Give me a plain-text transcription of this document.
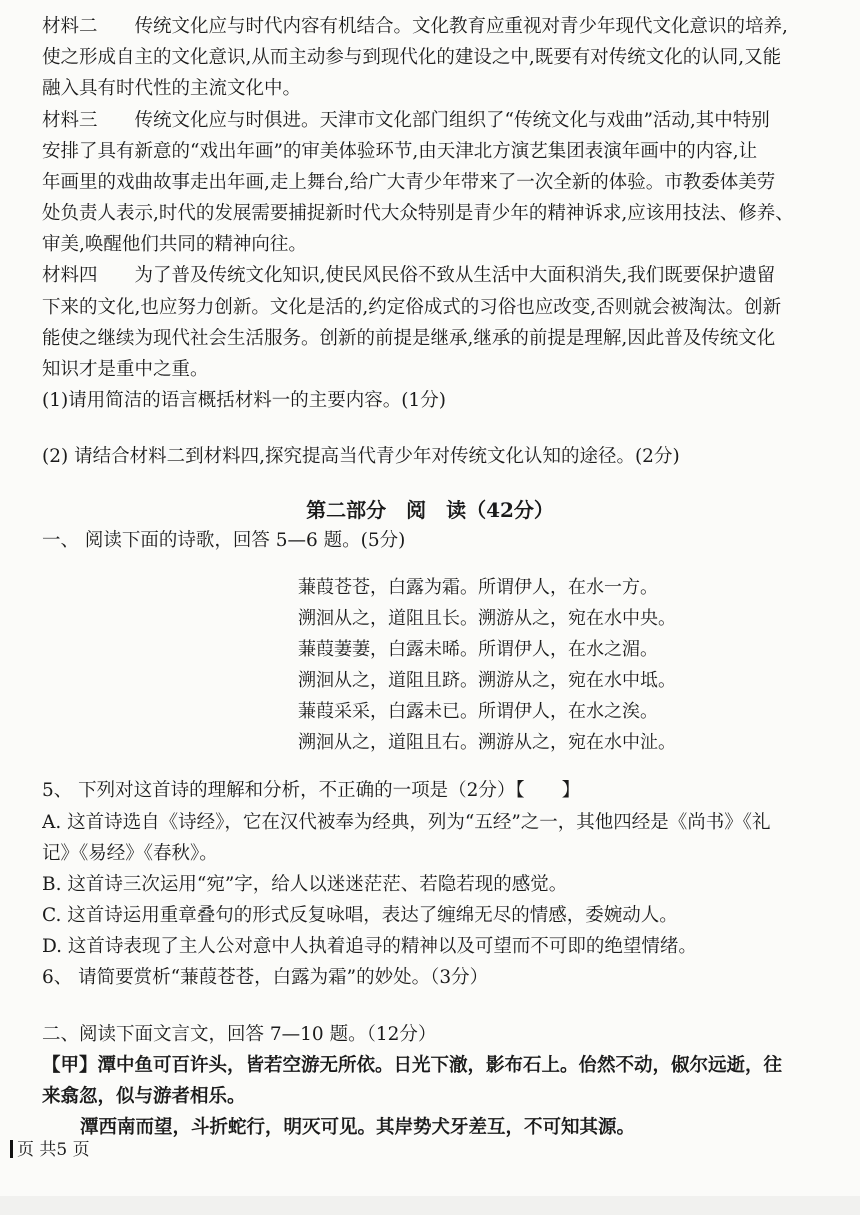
材料二　　传统文化应与时代内容有机结合。文化教育应重视对青少年现代文化意识的培养,
使之形成自主的文化意识,从而主动参与到现代化的建设之中,既要有对传统文化的认同,又能
融入具有时代性的主流文化中。
材料三　　传统文化应与时俱进。天津市文化部门组织了“传统文化与戏曲”活动,其中特别
安排了具有新意的“戏出年画”的审美体验环节,由天津北方演艺集团表演年画中的内容,让
年画里的戏曲故事走出年画,走上舞台,给广大青少年带来了一次全新的体验。市教委体美劳
处负责人表示,时代的发展需要捕捉新时代大众特别是青少年的精神诉求,应该用技法、修养、
审美,唤醒他们共同的精神向往。
材料四　　为了普及传统文化知识,使民风民俗不致从生活中大面积消失,我们既要保护遗留
下来的文化,也应努力创新。文化是活的,约定俗成式的习俗也应改变,否则就会被淘汰。创新
能使之继续为现代社会生活服务。创新的前提是继承,继承的前提是理解,因此普及传统文化
知识才是重中之重。
(1)请用简洁的语言概括材料一的主要内容。(1分)
(2) 请结合材料二到材料四,探究提高当代青少年对传统文化认知的途径。(2分)
第二部分　阅　读（42分）
一、 阅读下面的诗歌，回答 5—6 题。(5分)
蒹葭苍苍，白露为霜。所谓伊人，在水一方。
溯洄从之，道阻且长。溯游从之，宛在水中央。
蒹葭萋萋，白露未晞。所谓伊人，在水之湄。
溯洄从之，道阻且跻。溯游从之，宛在水中坻。
蒹葭采采，白露未已。所谓伊人，在水之涘。
溯洄从之，道阻且右。溯游从之，宛在水中沚。
5、 下列对这首诗的理解和分析，不正确的一项是（2分）【　　】
A. 这首诗选自《诗经》，它在汉代被奉为经典，列为“五经”之一，其他四经是《尚书》《礼
记》《易经》《春秋》。
B. 这首诗三次运用“宛”字，给人以迷迷茫茫、若隐若现的感觉。
C. 这首诗运用重章叠句的形式反复咏唱，表达了缠绵无尽的情感，委婉动人。
D. 这首诗表现了主人公对意中人执着追寻的精神以及可望而不可即的绝望情绪。
6、 请简要赏析“蒹葭苍苍，白露为霜”的妙处。（3分）
二、阅读下面文言文，回答 7—10 题。（12分）
【甲】潭中鱼可百许头，皆若空游无所依。日光下澈，影布石上。佁然不动，俶尔远逝，往
来翕忽，似与游者相乐。
潭西南而望，斗折蛇行，明灭可见。其岸势犬牙差互，不可知其源。
页 共5 页
